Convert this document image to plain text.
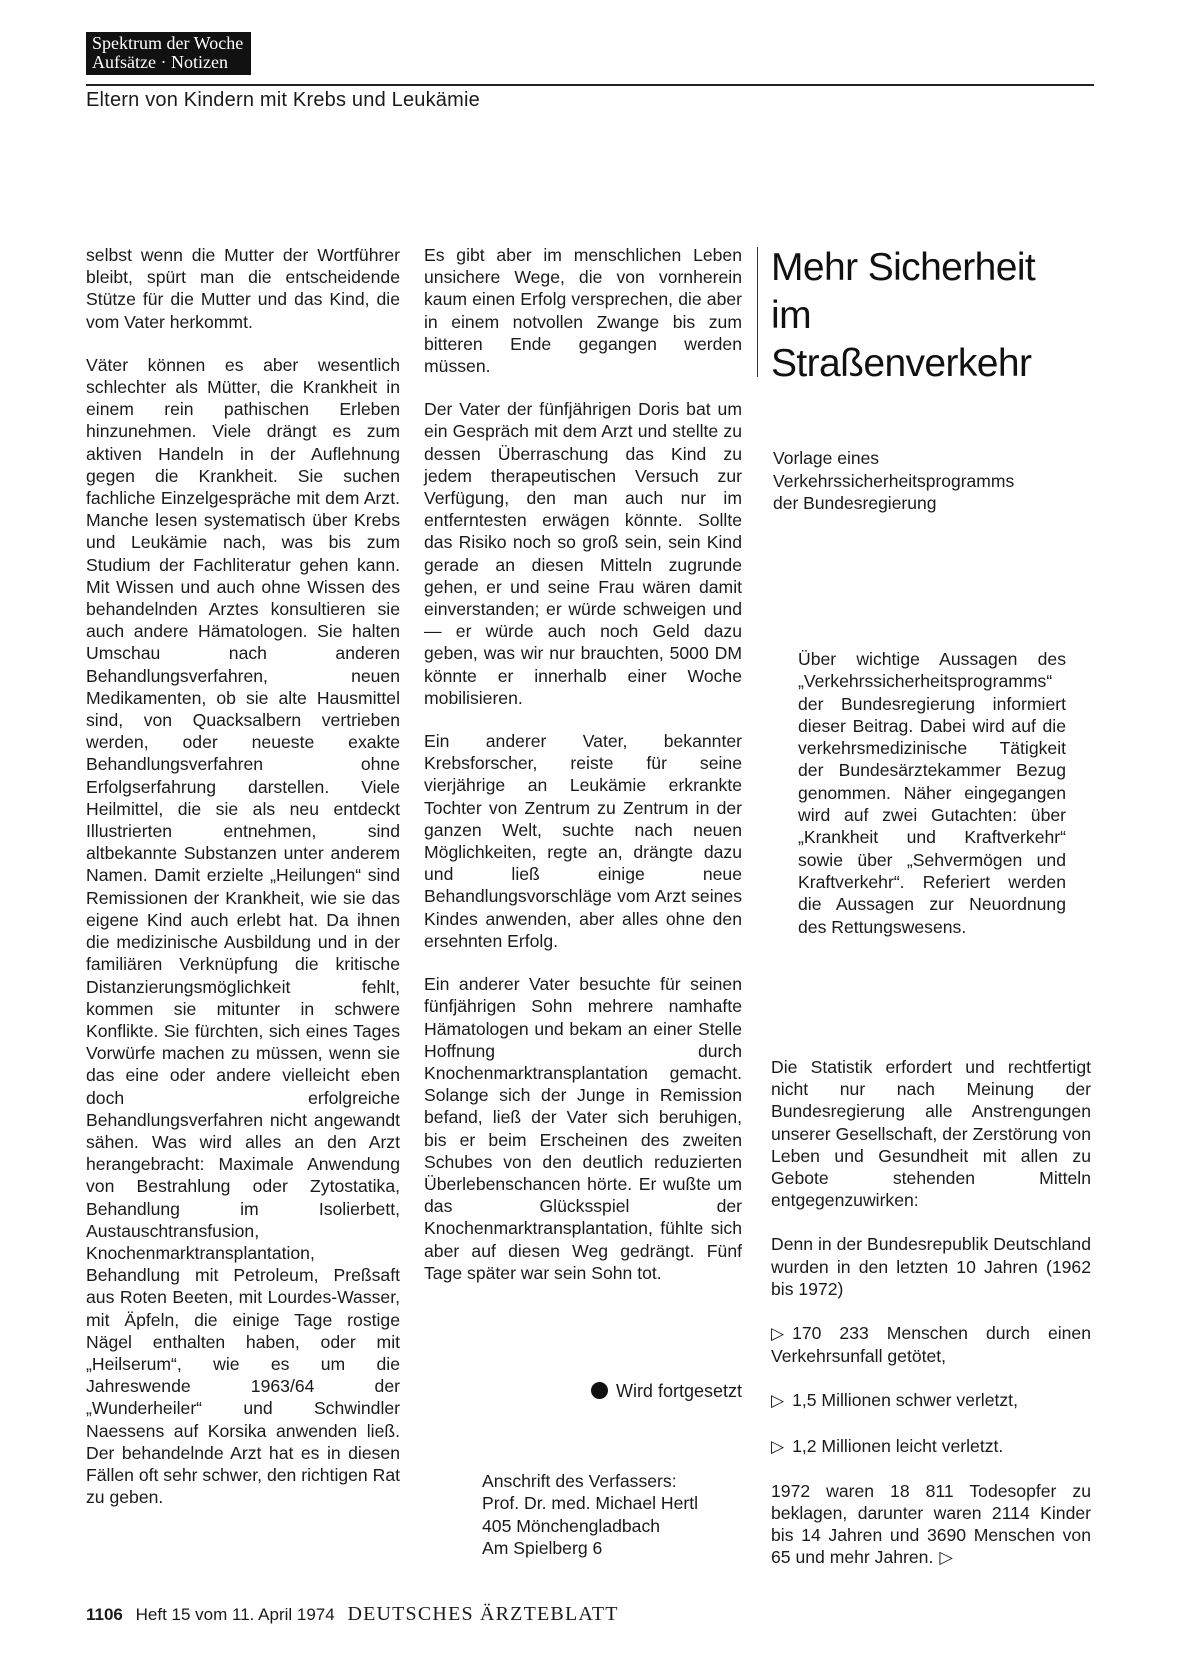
Spektrum der Woche
Aufsätze · Notizen
Eltern von Kindern mit Krebs und Leukämie

selbst wenn die Mutter der Wortführer bleibt, spürt man die entscheidende Stütze für die Mutter und das Kind, die vom Vater herkommt.

Väter können es aber wesentlich schlechter als Mütter, die Krankheit in einem rein pathischen Erleben hinzunehmen. Viele drängt es zum aktiven Handeln in der Auflehnung gegen die Krankheit. Sie suchen fachliche Einzelgespräche mit dem Arzt. Manche lesen systematisch über Krebs und Leukämie nach, was bis zum Studium der Fachliteratur gehen kann. Mit Wissen und auch ohne Wissen des behandelnden Arztes konsultieren sie auch andere Hämatologen. Sie halten Umschau nach anderen Behandlungsverfahren, neuen Medikamenten, ob sie alte Hausmittel sind, von Quacksalbern vertrieben werden, oder neueste exakte Behandlungsverfahren ohne Erfolgserfahrung darstellen. Viele Heilmittel, die sie als neu entdeckt Illustrierten entnehmen, sind altbekannte Substanzen unter anderem Namen. Damit erzielte „Heilungen“ sind Remissionen der Krankheit, wie sie das eigene Kind auch erlebt hat. Da ihnen die medizinische Ausbildung und in der familiären Verknüpfung die kritische Distanzierungsmöglichkeit fehlt, kommen sie mitunter in schwere Konflikte. Sie fürchten, sich eines Tages Vorwürfe machen zu müssen, wenn sie das eine oder andere vielleicht eben doch erfolgreiche Behandlungsverfahren nicht angewandt sähen. Was wird alles an den Arzt herangebracht: Maximale Anwendung von Bestrahlung oder Zytostatika, Behandlung im Isolierbett, Austauschtransfusion, Knochenmarktransplantation, Behandlung mit Petroleum, Preßsaft aus Roten Beeten, mit Lourdes-Wasser, mit Äpfeln, die einige Tage rostige Nägel enthalten haben, oder mit „Heilserum“, wie es um die Jahreswende 1963/64 der „Wunderheiler“ und Schwindler Naessens auf Korsika anwenden ließ. Der behandelnde Arzt hat es in diesen Fällen oft sehr schwer, den richtigen Rat zu geben.

Es gibt aber im menschlichen Leben unsichere Wege, die von vornherein kaum einen Erfolg versprechen, die aber in einem notvollen Zwange bis zum bitteren Ende gegangen werden müssen.

Der Vater der fünfjährigen Doris bat um ein Gespräch mit dem Arzt und stellte zu dessen Überraschung das Kind zu jedem therapeutischen Versuch zur Verfügung, den man auch nur im entferntesten erwägen könnte. Sollte das Risiko noch so groß sein, sein Kind gerade an diesen Mitteln zugrunde gehen, er und seine Frau wären damit einverstanden; er würde schweigen und — er würde auch noch Geld dazu geben, was wir nur brauchten, 5000 DM könnte er innerhalb einer Woche mobilisieren.

Ein anderer Vater, bekannter Krebsforscher, reiste für seine vierjährige an Leukämie erkrankte Tochter von Zentrum zu Zentrum in der ganzen Welt, suchte nach neuen Möglichkeiten, regte an, drängte dazu und ließ einige neue Behandlungsvorschläge vom Arzt seines Kindes anwenden, aber alles ohne den ersehnten Erfolg.

Ein anderer Vater besuchte für seinen fünfjährigen Sohn mehrere namhafte Hämatologen und bekam an einer Stelle Hoffnung durch Knochenmarktransplantation gemacht. Solange sich der Junge in Remission befand, ließ der Vater sich beruhigen, bis er beim Erscheinen des zweiten Schubes von den deutlich reduzierten Überlebenschancen hörte. Er wußte um das Glücksspiel der Knochenmarktransplantation, fühlte sich aber auf diesen Weg gedrängt. Fünf Tage später war sein Sohn tot.

Wird fortgesetzt
Anschrift des Verfassers:
Prof. Dr. med. Michael Hertl
405 Mönchengladbach
Am Spielberg 6
Mehr Sicherheit
im
Straßenverkehr
Vorlage eines
Verkehrssicherheitsprogramms
der Bundesregierung
Über wichtige Aussagen des „Verkehrssicherheitsprogramms“ der Bundesregierung informiert dieser Beitrag. Dabei wird auf die verkehrsmedizinische Tätigkeit der Bundesärztekammer Bezug genommen. Näher eingegangen wird auf zwei Gutachten: über „Krankheit und Kraftverkehr“ sowie über „Sehvermögen und Kraftverkehr“. Referiert werden die Aussagen zur Neuordnung des Rettungswesens.

Die Statistik erfordert und rechtfertigt nicht nur nach Meinung der Bundesregierung alle Anstrengungen unserer Gesellschaft, der Zerstörung von Leben und Gesundheit mit allen zu Gebote stehenden Mitteln entgegenzuwirken:

Denn in der Bundesrepublik Deutschland wurden in den letzten 10 Jahren (1962 bis 1972)

▷ 170 233 Menschen durch einen Verkehrsunfall getötet,

▷ 1,5 Millionen schwer verletzt,

▷ 1,2 Millionen leicht verletzt.

1972 waren 18 811 Todesopfer zu beklagen, darunter waren 2114 Kinder bis 14 Jahren und 3690 Menschen von 65 und mehr Jahren. ▷

1106 Heft 15 vom 11. April 1974 DEUTSCHES ÄRZTEBLATT
